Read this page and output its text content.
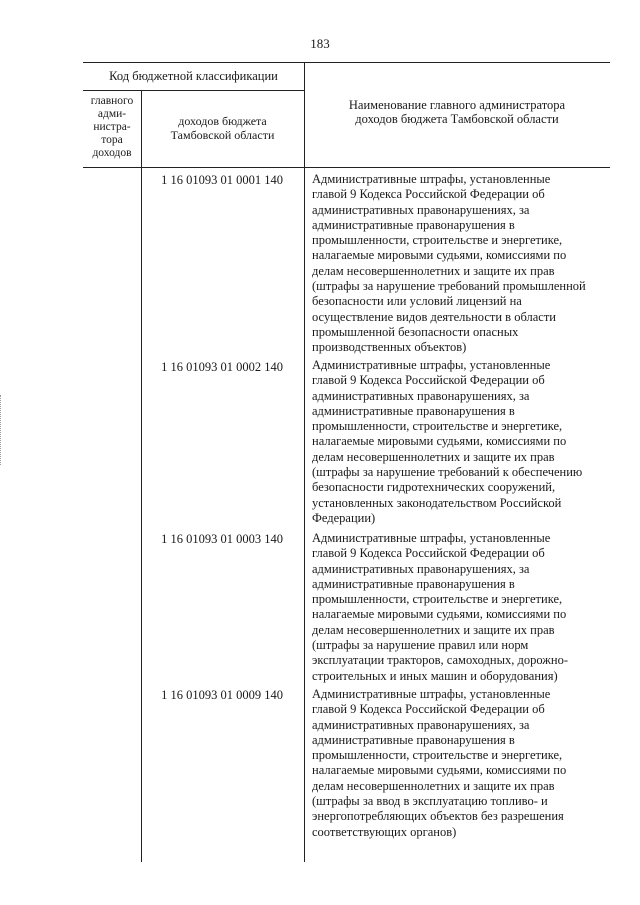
183
Код бюджетной классификации
главного
адми-
нистра-
тора
доходов
доходов бюджета
Тамбовской области
Наименование главного администратора
доходов бюджета Тамбовской области
1 16 01093 01 0001 140	Административные штрафы, установленные
главой 9 Кодекса Российской Федерации об
административных правонарушениях, за
административные правонарушения в
промышленности, строительстве и энергетике,
налагаемые мировыми судьями, комиссиями по
делам несовершеннолетних и защите их прав
(штрафы за нарушение требований промышленной
безопасности или условий лицензий на
осуществление видов деятельности в области
промышленной безопасности опасных
производственных объектов)
1 16 01093 01 0002 140	Административные штрафы, установленные
главой 9 Кодекса Российской Федерации об
административных правонарушениях, за
административные правонарушения в
промышленности, строительстве и энергетике,
налагаемые мировыми судьями, комиссиями по
делам несовершеннолетних и защите их прав
(штрафы за нарушение требований к обеспечению
безопасности гидротехнических сооружений,
установленных законодательством Российской
Федерации)
1 16 01093 01 0003 140	Административные штрафы, установленные
главой 9 Кодекса Российской Федерации об
административных правонарушениях, за
административные правонарушения в
промышленности, строительстве и энергетике,
налагаемые мировыми судьями, комиссиями по
делам несовершеннолетних и защите их прав
(штрафы за нарушение правил или норм
эксплуатации тракторов, самоходных, дорожно-
строительных и иных машин и оборудования)
1 16 01093 01 0009 140	Административные штрафы, установленные
главой 9 Кодекса Российской Федерации об
административных правонарушениях, за
административные правонарушения в
промышленности, строительстве и энергетике,
налагаемые мировыми судьями, комиссиями по
делам несовершеннолетних и защите их прав
(штрафы за ввод в эксплуатацию топливо- и
энергопотребляющих объектов без разрешения
соответствующих органов)
